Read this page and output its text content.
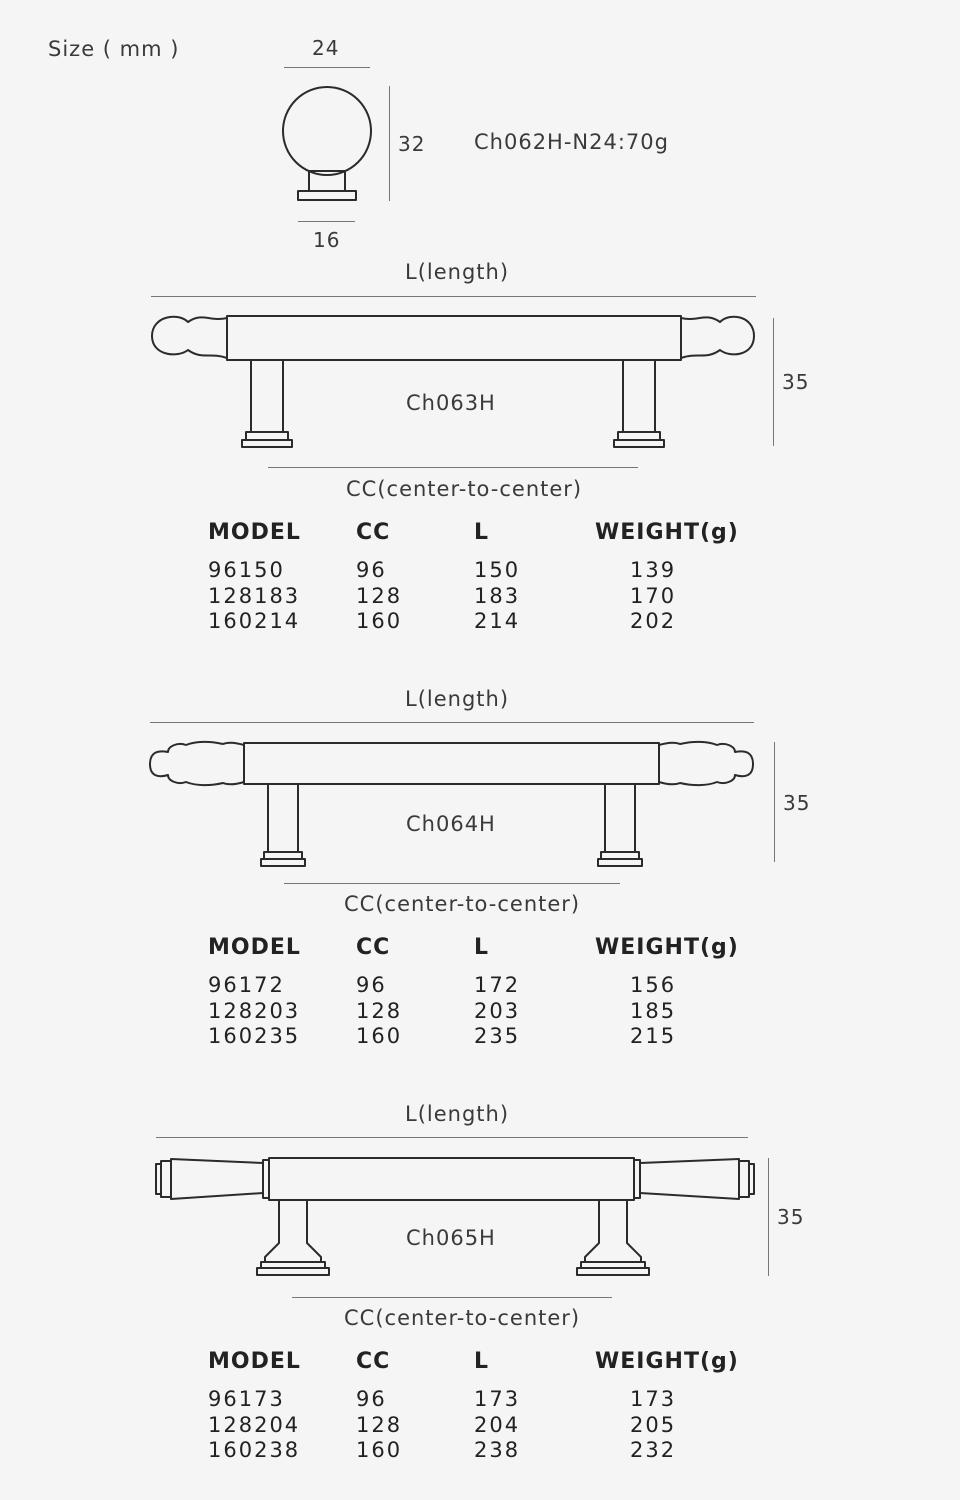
Size ( mm )	24
32 Ch062H-N24:70g
16
L(length)
Ch063H
35
CC(center-to-center)
MODEL	CC	L	WEIGHT(g)
96150	96	150	139
128183	128	183	170
160214	160	214	202
L(length)
Ch064H
35
CC(center-to-center)
MODEL	CC	L	WEIGHT(g)
96172	96	172	156
128203	128	203	185
160235	160	235	215
L(length)
Ch065H
35
CC(center-to-center)
MODEL	CC	L	WEIGHT(g)
96173	96	173	173
128204	128	204	205
160238	160	238	232
